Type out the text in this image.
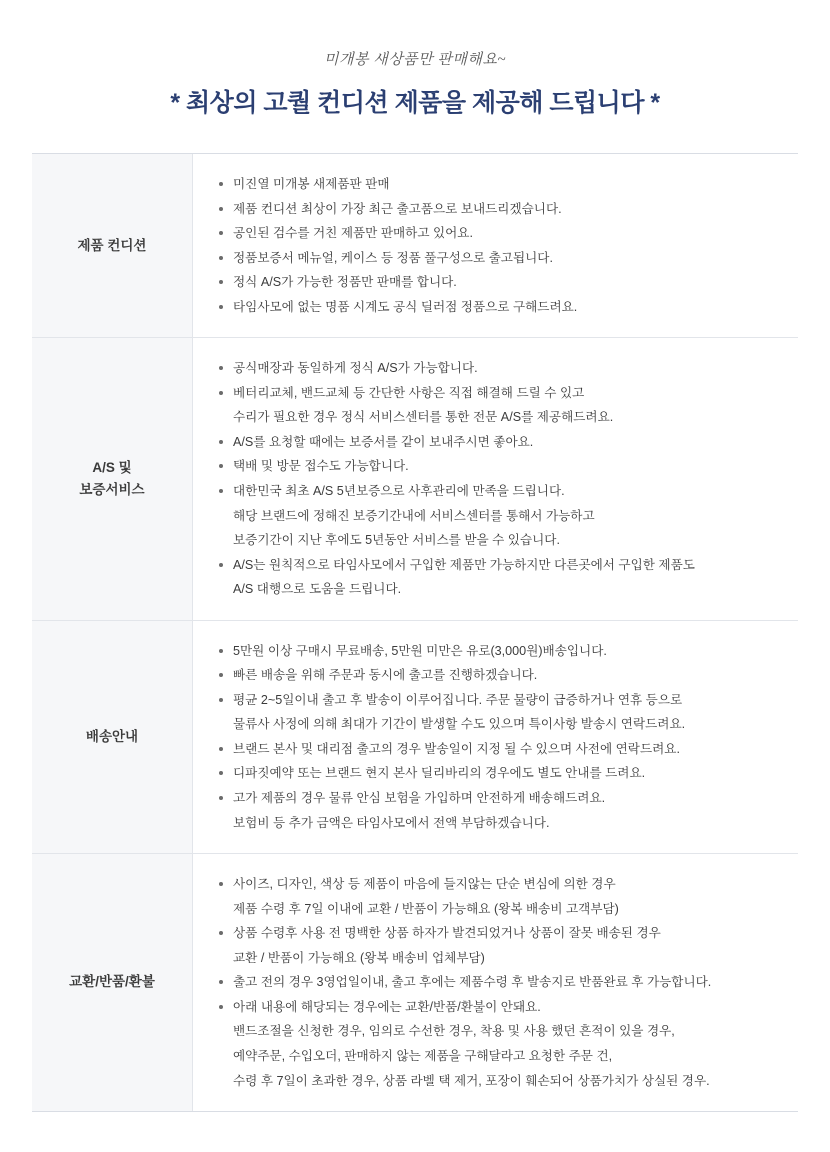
미개봉 새상품만 판매해요~
* 최상의 고퀄 컨디션 제품을 제공해 드립니다 *
제품 컨디션	
미진열 미개봉 새제품판 판매
제품 컨디션 최상이 가장 최근 출고품으로 보내드리겠습니다.
공인된 검수를 거친 제품만 판매하고 있어요.
정품보증서 메뉴얼, 케이스 등 정품 풀구성으로 출고됩니다.
정식 A/S가 가능한 정품만 판매를 합니다.
타임사모에 없는 명품 시계도 공식 딜러점 정품으로 구해드려요.

A/S 및
보증서비스	
공식매장과 동일하게 정식 A/S가 가능합니다.
베터리교체, 밴드교체 등 간단한 사항은 직접 해결해 드릴 수 있고
수리가 필요한 경우 정식 서비스센터를 통한 전문 A/S를 제공해드려요.
A/S를 요청할 때에는 보증서를 같이 보내주시면 좋아요.
택배 및 방문 접수도 가능합니다.
대한민국 최초 A/S 5년보증으로 사후관리에 만족을 드립니다.
해당 브랜드에 정해진 보증기간내에 서비스센터를 통해서 가능하고
보증기간이 지난 후에도 5년동안 서비스를 받을 수 있습니다.
A/S는 원칙적으로 타임사모에서 구입한 제품만 가능하지만 다른곳에서 구입한 제품도
A/S 대행으로 도움을 드립니다.

배송안내	
5만원 이상 구매시 무료배송, 5만원 미만은 유로(3,000원)배송입니다.
빠른 배송을 위해 주문과 동시에 출고를 진행하겠습니다.
평균 2~5일이내 출고 후 발송이 이루어집니다. 주문 물량이 급증하거나 연휴 등으로
물류사 사정에 의해 최대가 기간이 발생할 수도 있으며 특이사항 발송시 연락드려요.
브랜드 본사 및 대리점 출고의 경우 발송일이 지정 될 수 있으며 사전에 연락드려요.
디파짓예약 또는 브랜드 현지 본사 딜리바리의 경우에도 별도 안내를 드려요.
고가 제품의 경우 물류 안심 보험을 가입하며 안전하게 배송해드려요.
보험비 등 추가 금액은 타임사모에서 전액 부담하겠습니다.

교환/반품/환불	
사이즈, 디자인, 색상 등 제품이 마음에 들지않는 단순 변심에 의한 경우
제품 수령 후 7일 이내에 교환 / 반품이 가능해요 (왕복 배송비 고객부담)
상품 수령후 사용 전 명백한 상품 하자가 발견되었거나 상품이 잘못 배송된 경우
교환 / 반품이 가능해요 (왕복 배송비 업체부담)
출고 전의 경우 3영업일이내, 출고 후에는 제품수령 후 발송지로 반품완료 후 가능합니다.
아래 내용에 해당되는 경우에는 교환/반품/환불이 안돼요.
밴드조절을 신청한 경우, 임의로 수선한 경우, 착용 및 사용 했던 흔적이 있을 경우,
예약주문, 수입오더, 판매하지 않는 제품을 구해달라고 요청한 주문 건,
수령 후 7일이 초과한 경우, 상품 라벨 택 제거, 포장이 훼손되어 상품가치가 상실된 경우.
